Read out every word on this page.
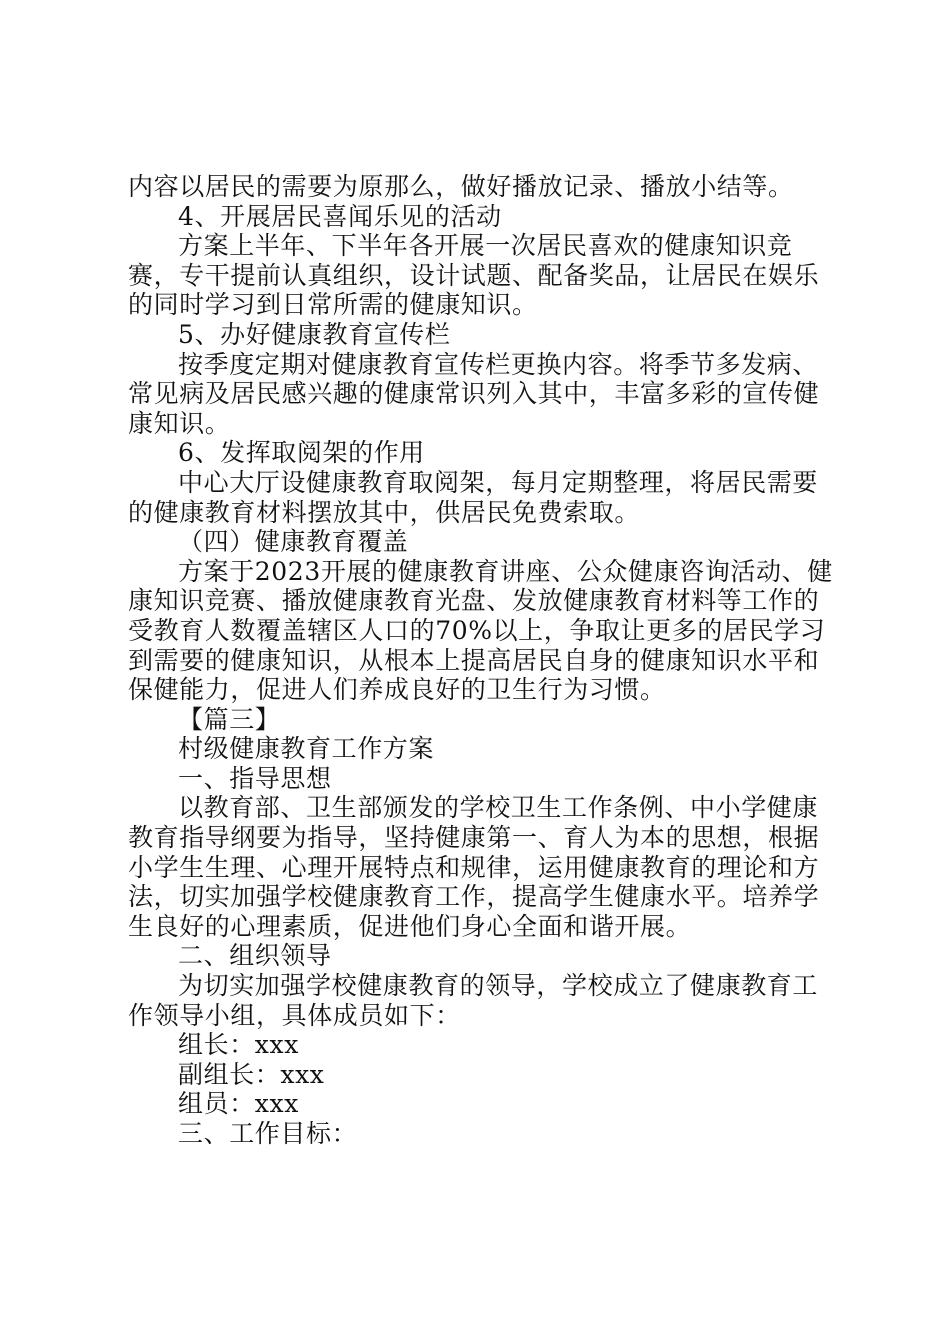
内容以居民的需要为原那么，做好播放记录、播放小结等。

4、开展居民喜闻乐见的活动

方案上半年、下半年各开展一次居民喜欢的健康知识竞赛，专干提前认真组织，设计试题、配备奖品，让居民在娱乐的同时学习到日常所需的健康知识。

5、办好健康教育宣传栏

按季度定期对健康教育宣传栏更换内容。将季节多发病、常见病及居民感兴趣的健康常识列入其中，丰富多彩的宣传健康知识。

6、发挥取阅架的作用

中心大厅设健康教育取阅架，每月定期整理，将居民需要的健康教育材料摆放其中，供居民免费索取。

（四）健康教育覆盖

方案于2023开展的健康教育讲座、公众健康咨询活动、健康知识竞赛、播放健康教育光盘、发放健康教育材料等工作的受教育人数覆盖辖区人口的70%以上，争取让更多的居民学习到需要的健康知识，从根本上提高居民自身的健康知识水平和保健能力，促进人们养成良好的卫生行为习惯。

【篇三】

村级健康教育工作方案

一、指导思想

以教育部、卫生部颁发的学校卫生工作条例、中小学健康教育指导纲要为指导，坚持健康第一、育人为本的思想，根据小学生生理、心理开展特点和规律，运用健康教育的理论和方法，切实加强学校健康教育工作，提高学生健康水平。培养学生良好的心理素质，促进他们身心全面和谐开展。

二、组织领导

为切实加强学校健康教育的领导，学校成立了健康教育工作领导小组，具体成员如下：

组长：xxx

副组长：xxx

组员：xxx

三、工作目标：
